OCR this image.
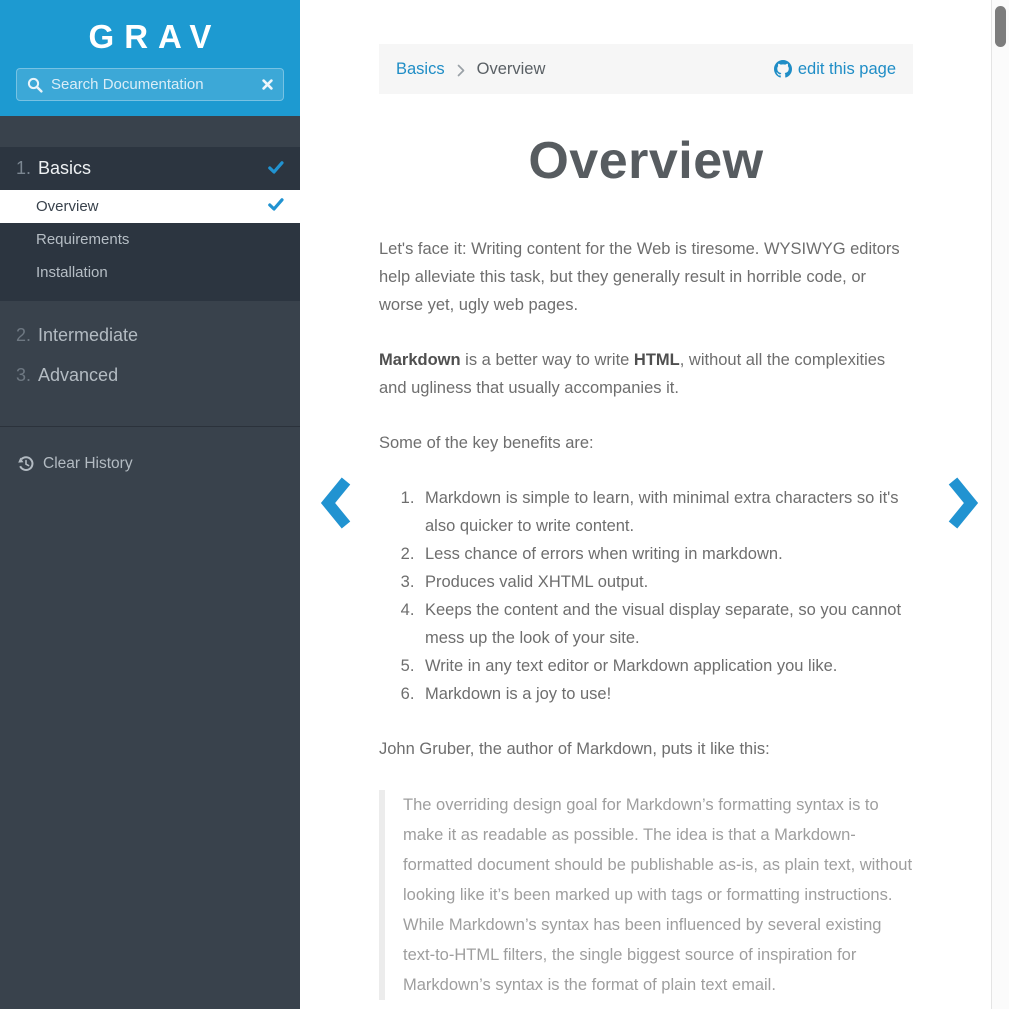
GRAV
Search Documentation
1. Basics
Overview
Requirements
Installation
2. Intermediate
3. Advanced
Clear History
Basics Overview	edit this page
Overview

Let's face it: Writing content for the Web is tiresome. WYSIWYG editors help alleviate this task, but they generally result in horrible code, or worse yet, ugly web pages.

Markdown is a better way to write HTML, without all the complexities and ugliness that usually accompanies it.

Some of the key benefits are:

1. Markdown is simple to learn, with minimal extra characters so it's also quicker to write content.
2. Less chance of errors when writing in markdown.
3. Produces valid XHTML output.
4. Keeps the content and the visual display separate, so you cannot mess up the look of your site.
5. Write in any text editor or Markdown application you like.
6. Markdown is a joy to use!

John Gruber, the author of Markdown, puts it like this:

The overriding design goal for Markdown’s formatting syntax is to make it as readable as possible. The idea is that a Markdown-formatted document should be publishable as-is, as plain text, without looking like it’s been marked up with tags or formatting instructions. While Markdown’s syntax has been influenced by several existing text-to-HTML filters, the single biggest source of inspiration for Markdown’s syntax is the format of plain text email.
